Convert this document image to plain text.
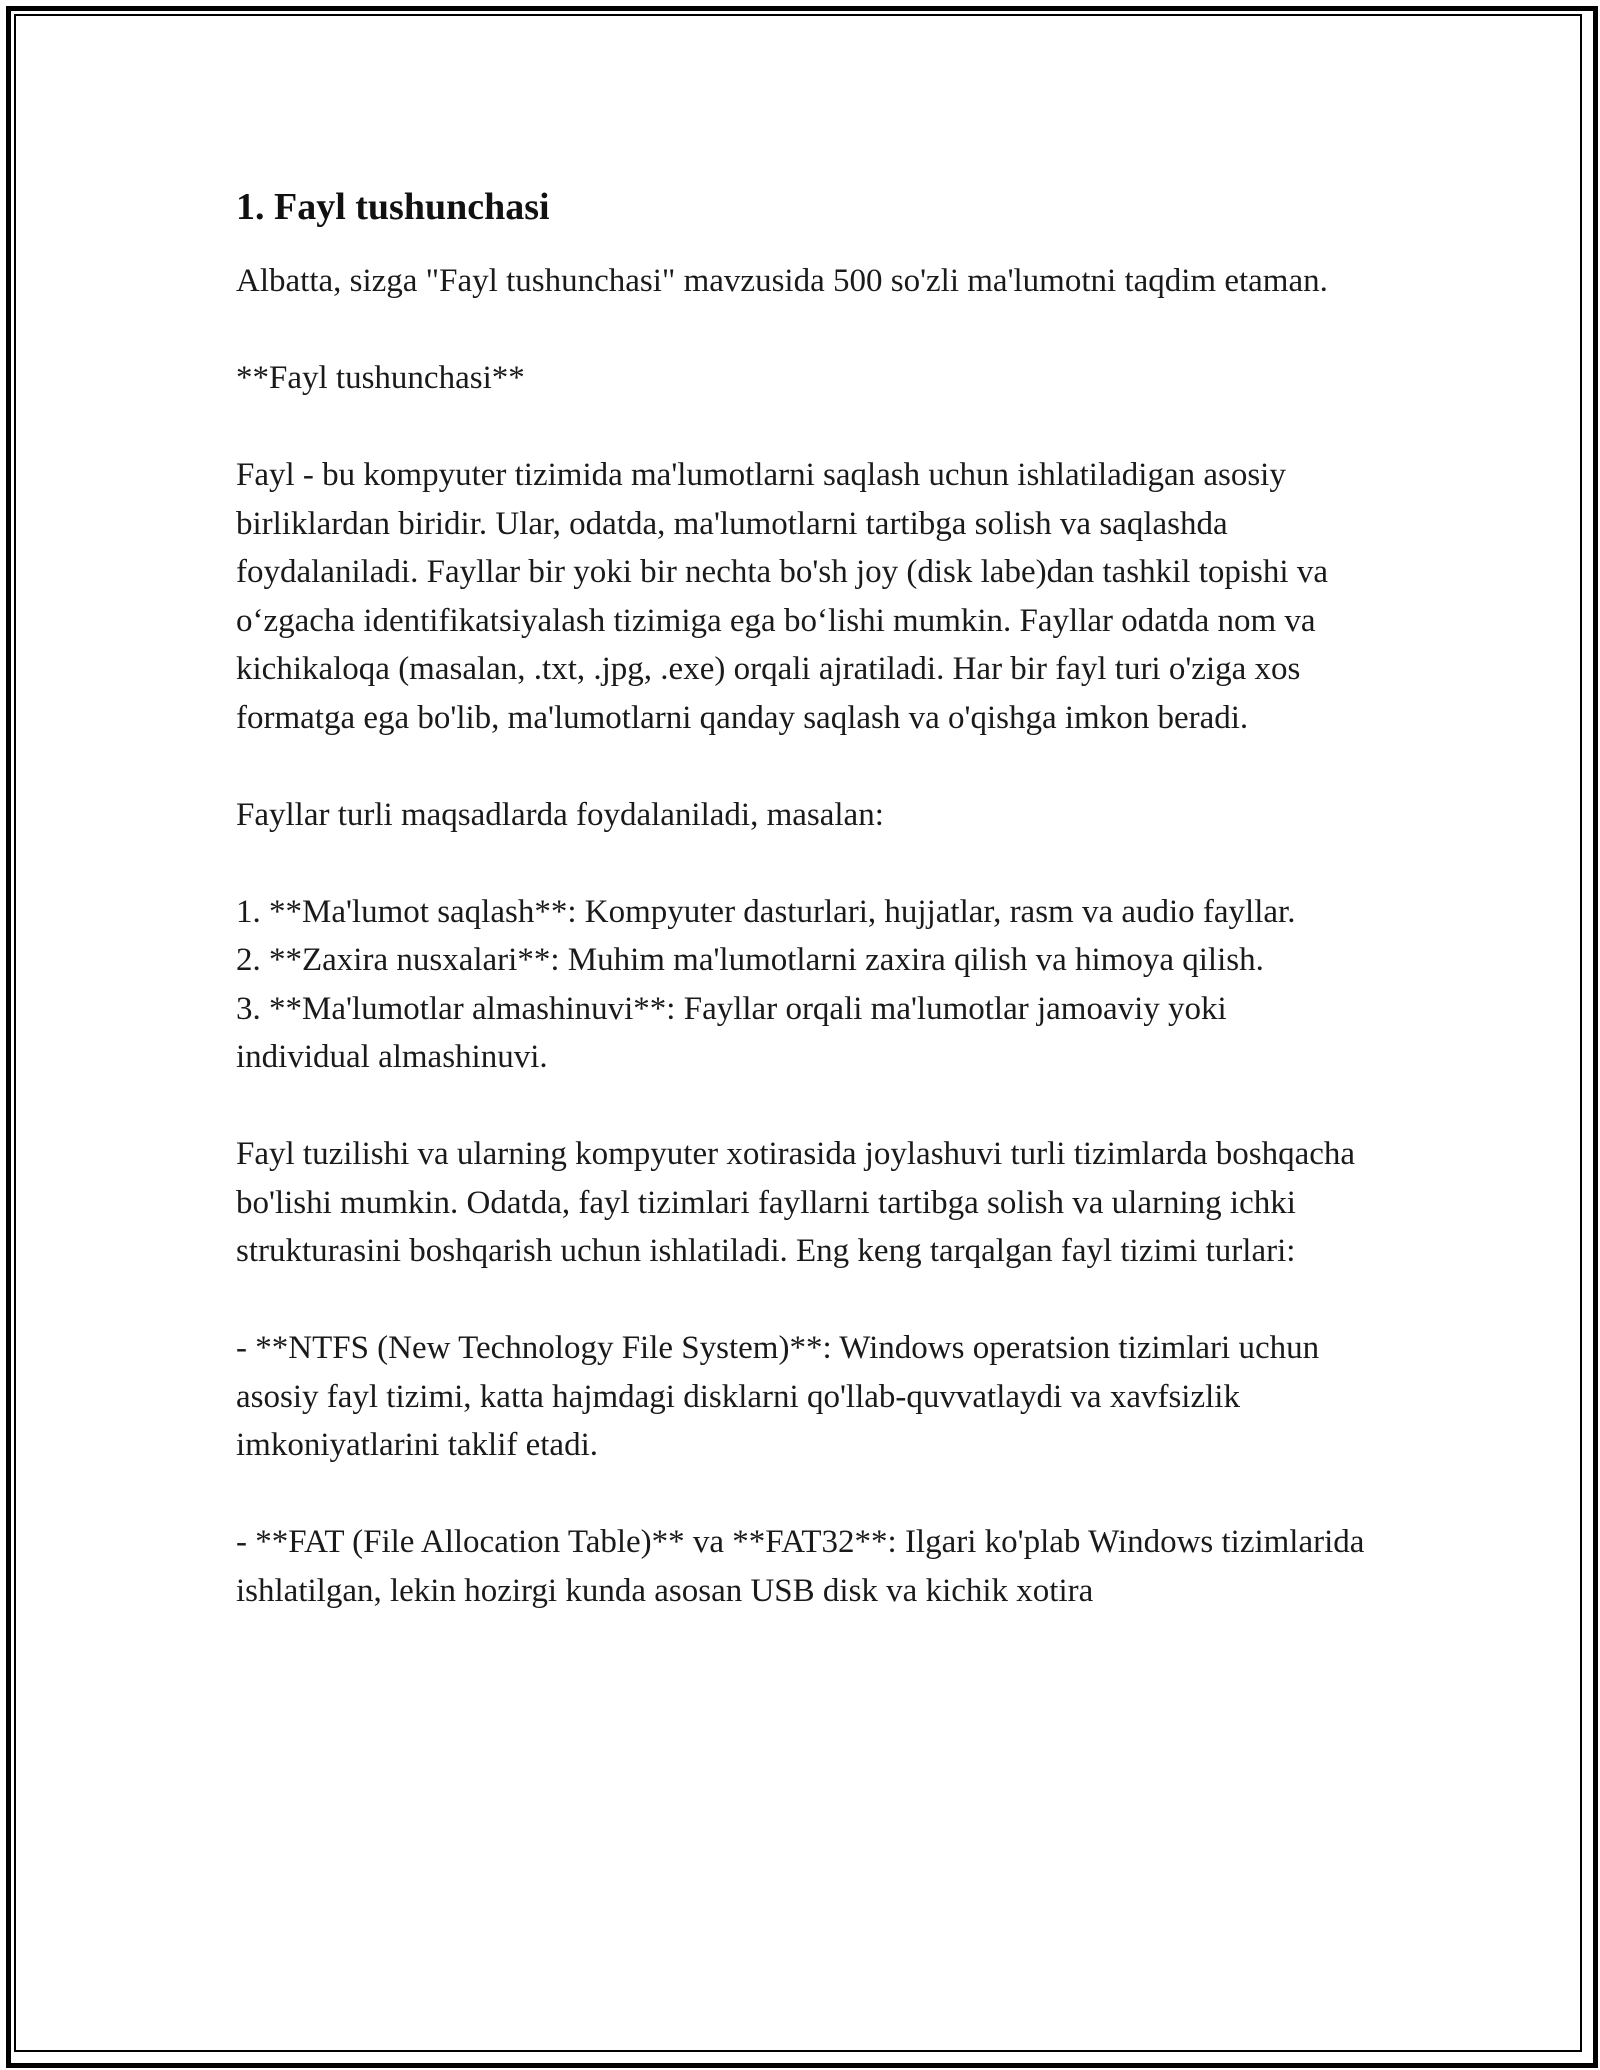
1. Fayl tushunchasi

Albatta, sizga "Fayl tushunchasi" mavzusida 500 so'zli ma'lumotni taqdim etaman.

**Fayl tushunchasi**

Fayl - bu kompyuter tizimida ma'lumotlarni saqlash uchun ishlatiladigan asosiy birliklardan biridir. Ular, odatda, ma'lumotlarni tartibga solish va saqlashda foydalaniladi. Fayllar bir yoki bir nechta bo'sh joy (disk labe)dan tashkil topishi va o‘zgacha identifikatsiyalash tizimiga ega bo‘lishi mumkin. Fayllar odatda nom va kichikaloqa (masalan, .txt, .jpg, .exe) orqali ajratiladi. Har bir fayl turi o'ziga xos formatga ega bo'lib, ma'lumotlarni qanday saqlash va o'qishga imkon beradi.

Fayllar turli maqsadlarda foydalaniladi, masalan:

1. **Ma'lumot saqlash**: Kompyuter dasturlari, hujjatlar, rasm va audio fayllar.

2. **Zaxira nusxalari**: Muhim ma'lumotlarni zaxira qilish va himoya qilish.

3. **Ma'lumotlar almashinuvi**: Fayllar orqali ma'lumotlar jamoaviy yoki individual almashinuvi.

Fayl tuzilishi va ularning kompyuter xotirasida joylashuvi turli tizimlarda boshqacha bo'lishi mumkin. Odatda, fayl tizimlari fayllarni tartibga solish va ularning ichki strukturasini boshqarish uchun ishlatiladi. Eng keng tarqalgan fayl tizimi turlari:

- **NTFS (New Technology File System)**: Windows operatsion tizimlari uchun asosiy fayl tizimi, katta hajmdagi disklarni qo'llab-quvvatlaydi va xavfsizlik imkoniyatlarini taklif etadi.

- **FAT (File Allocation Table)** va **FAT32**: Ilgari ko'plab Windows tizimlarida ishlatilgan, lekin hozirgi kunda asosan USB disk va kichik xotira
